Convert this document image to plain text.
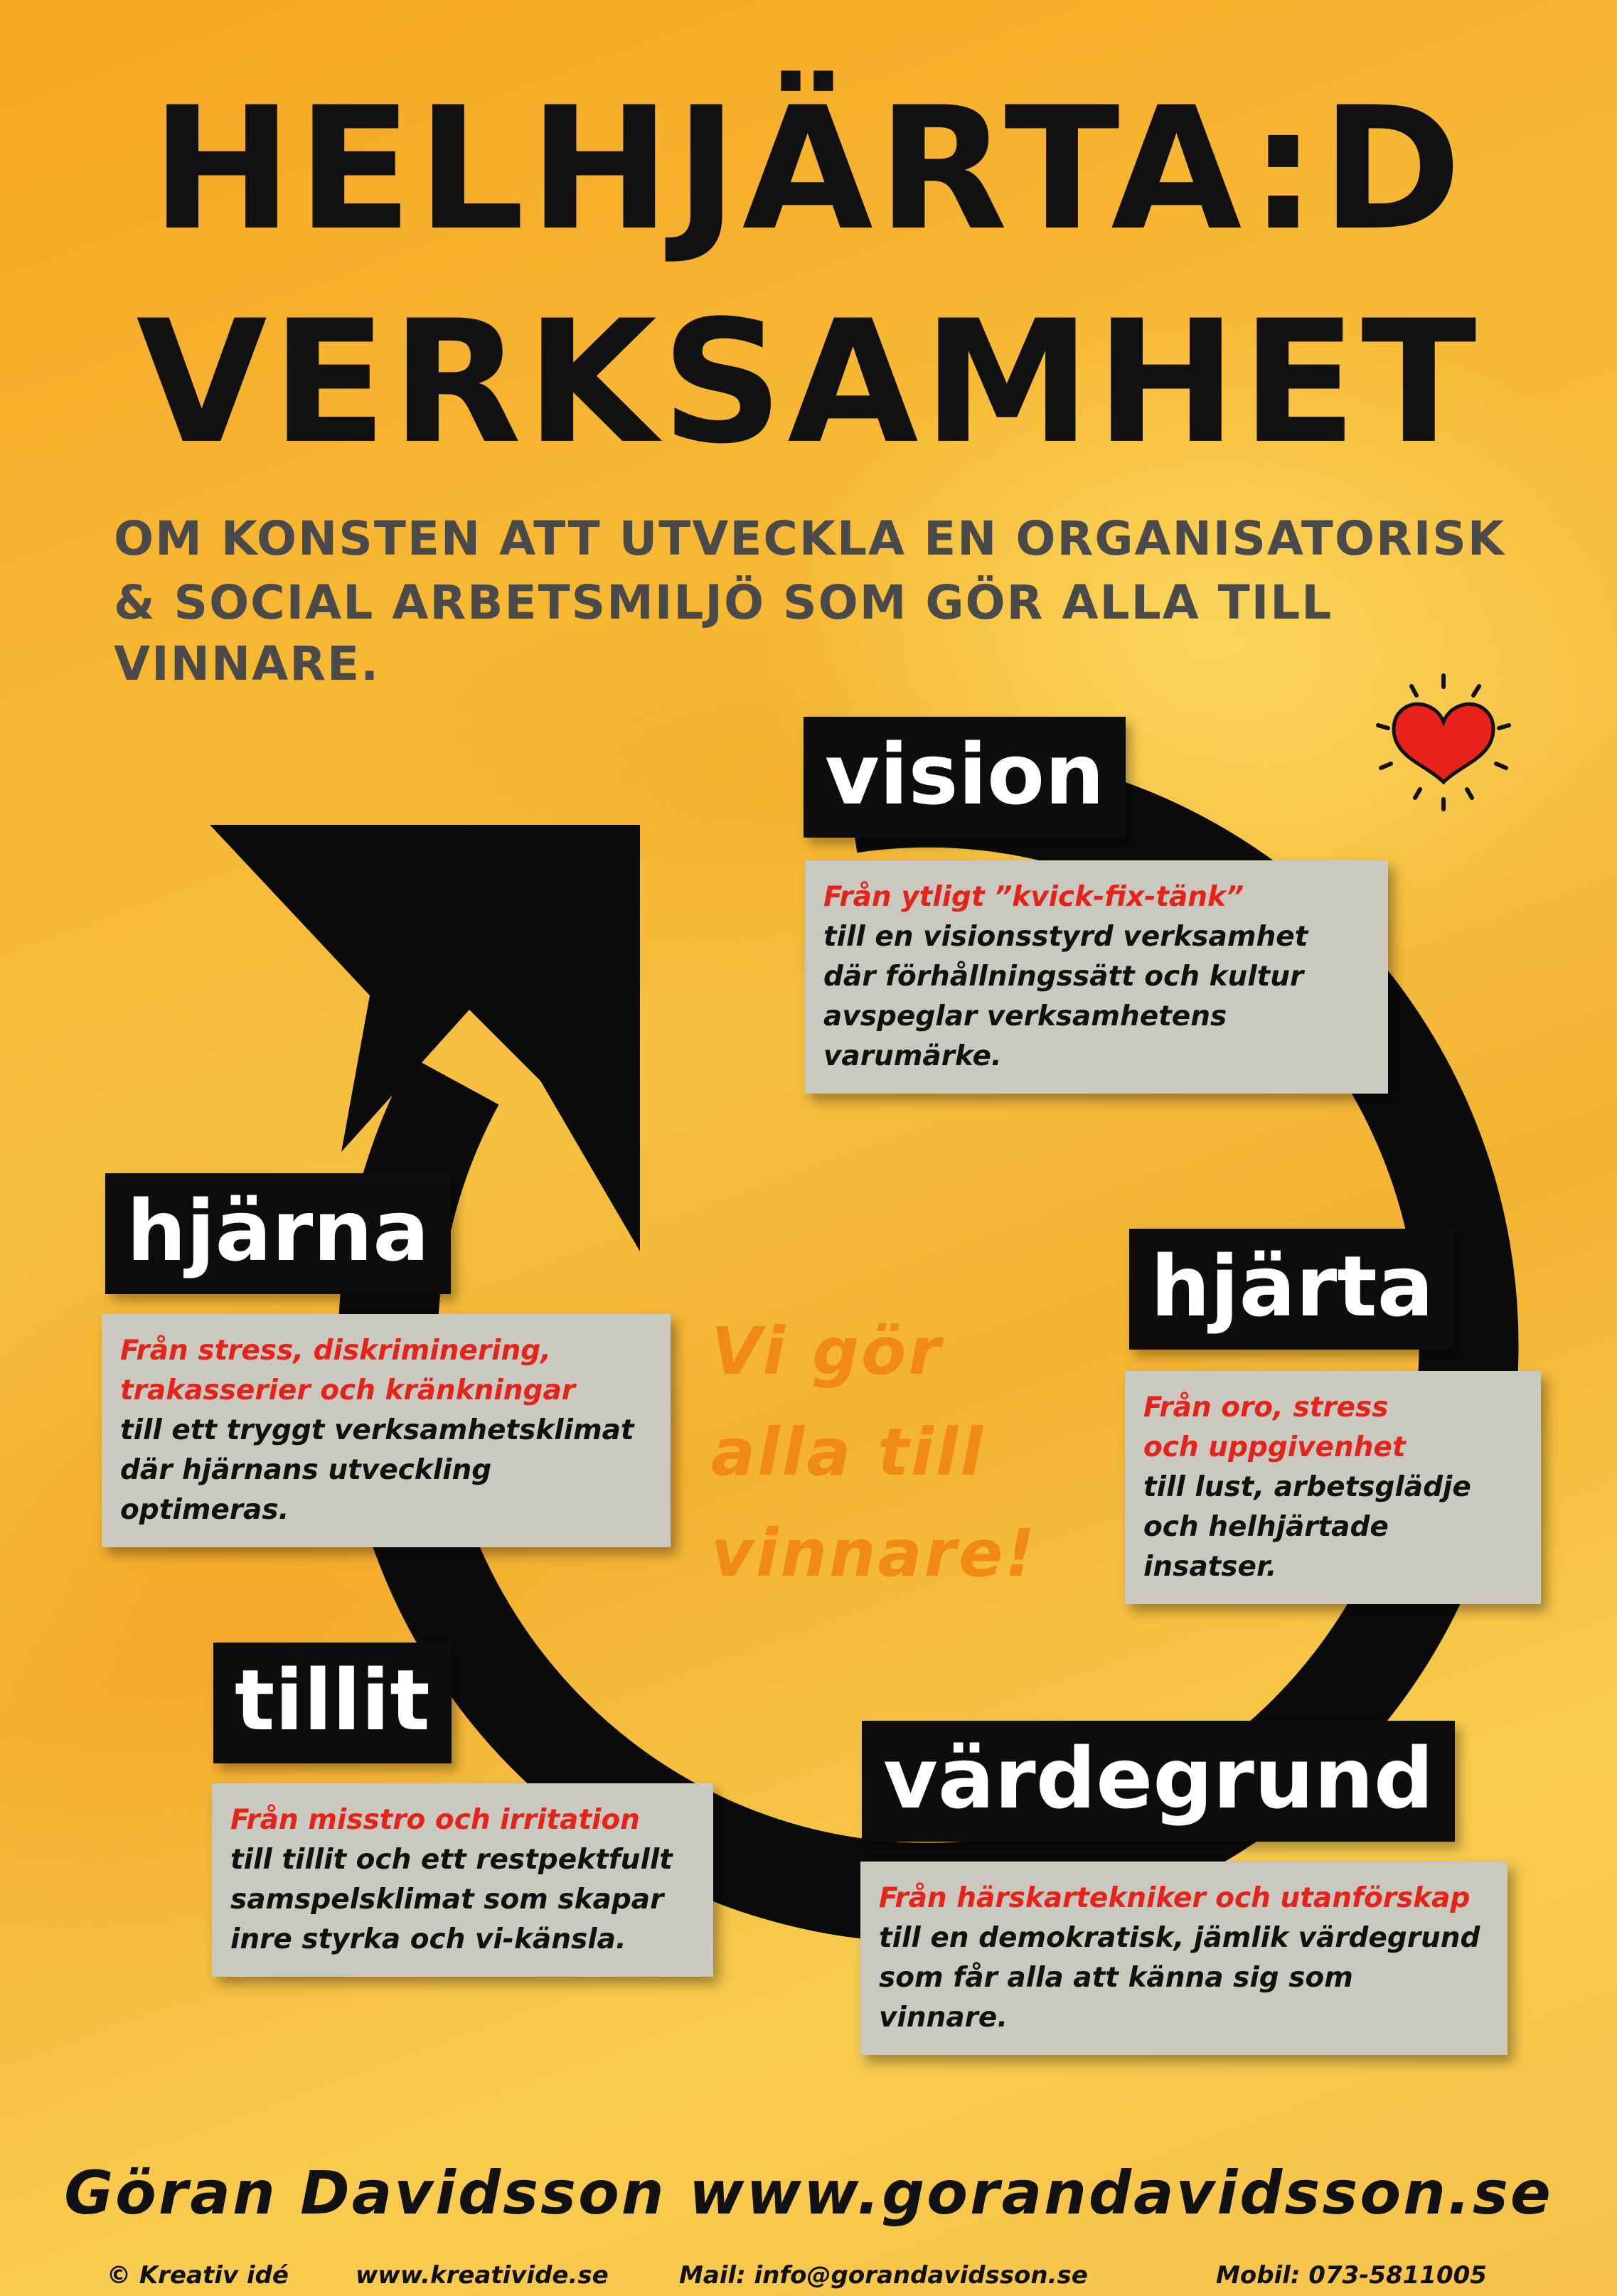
HELHJÄRTA:D
VERKSAMHET

OM KONSTEN ATT UTVECKLA EN ORGANISATORISK

& SOCIAL ARBETSMILJÖ SOM GÖR ALLA TILL VINNARE.

vision
Från ytligt ”kvick-fix-tänk”
till en visionsstyrd verksamhet
där förhållningssätt och kultur
avspeglar verksamhetens varumärke.
hjärta
Från oro, stress
och uppgivenhet
till lust, arbetsglädje
och helhjärtade insatser.
hjärna
Från stress, diskriminering,
trakasserier och kränkningar
till ett tryggt verksamhetsklimat
där hjärnans utveckling optimeras.
tillit
Från misstro och irritation
till tillit och ett restpektfullt
samspelsklimat som skapar
inre styrka och vi-känsla.
värdegrund
Från härskartekniker och utanförskap
till en demokratisk, jämlik värdegrund
som får alla att känna sig som vinnare.
Vi gör
alla till
vinnare!
Göran Davidsson www.gorandavidsson.se
© Kreativ idé	www.kreativide.se	Mail: info@gorandavidsson.se	Mobil: 073-5811005
